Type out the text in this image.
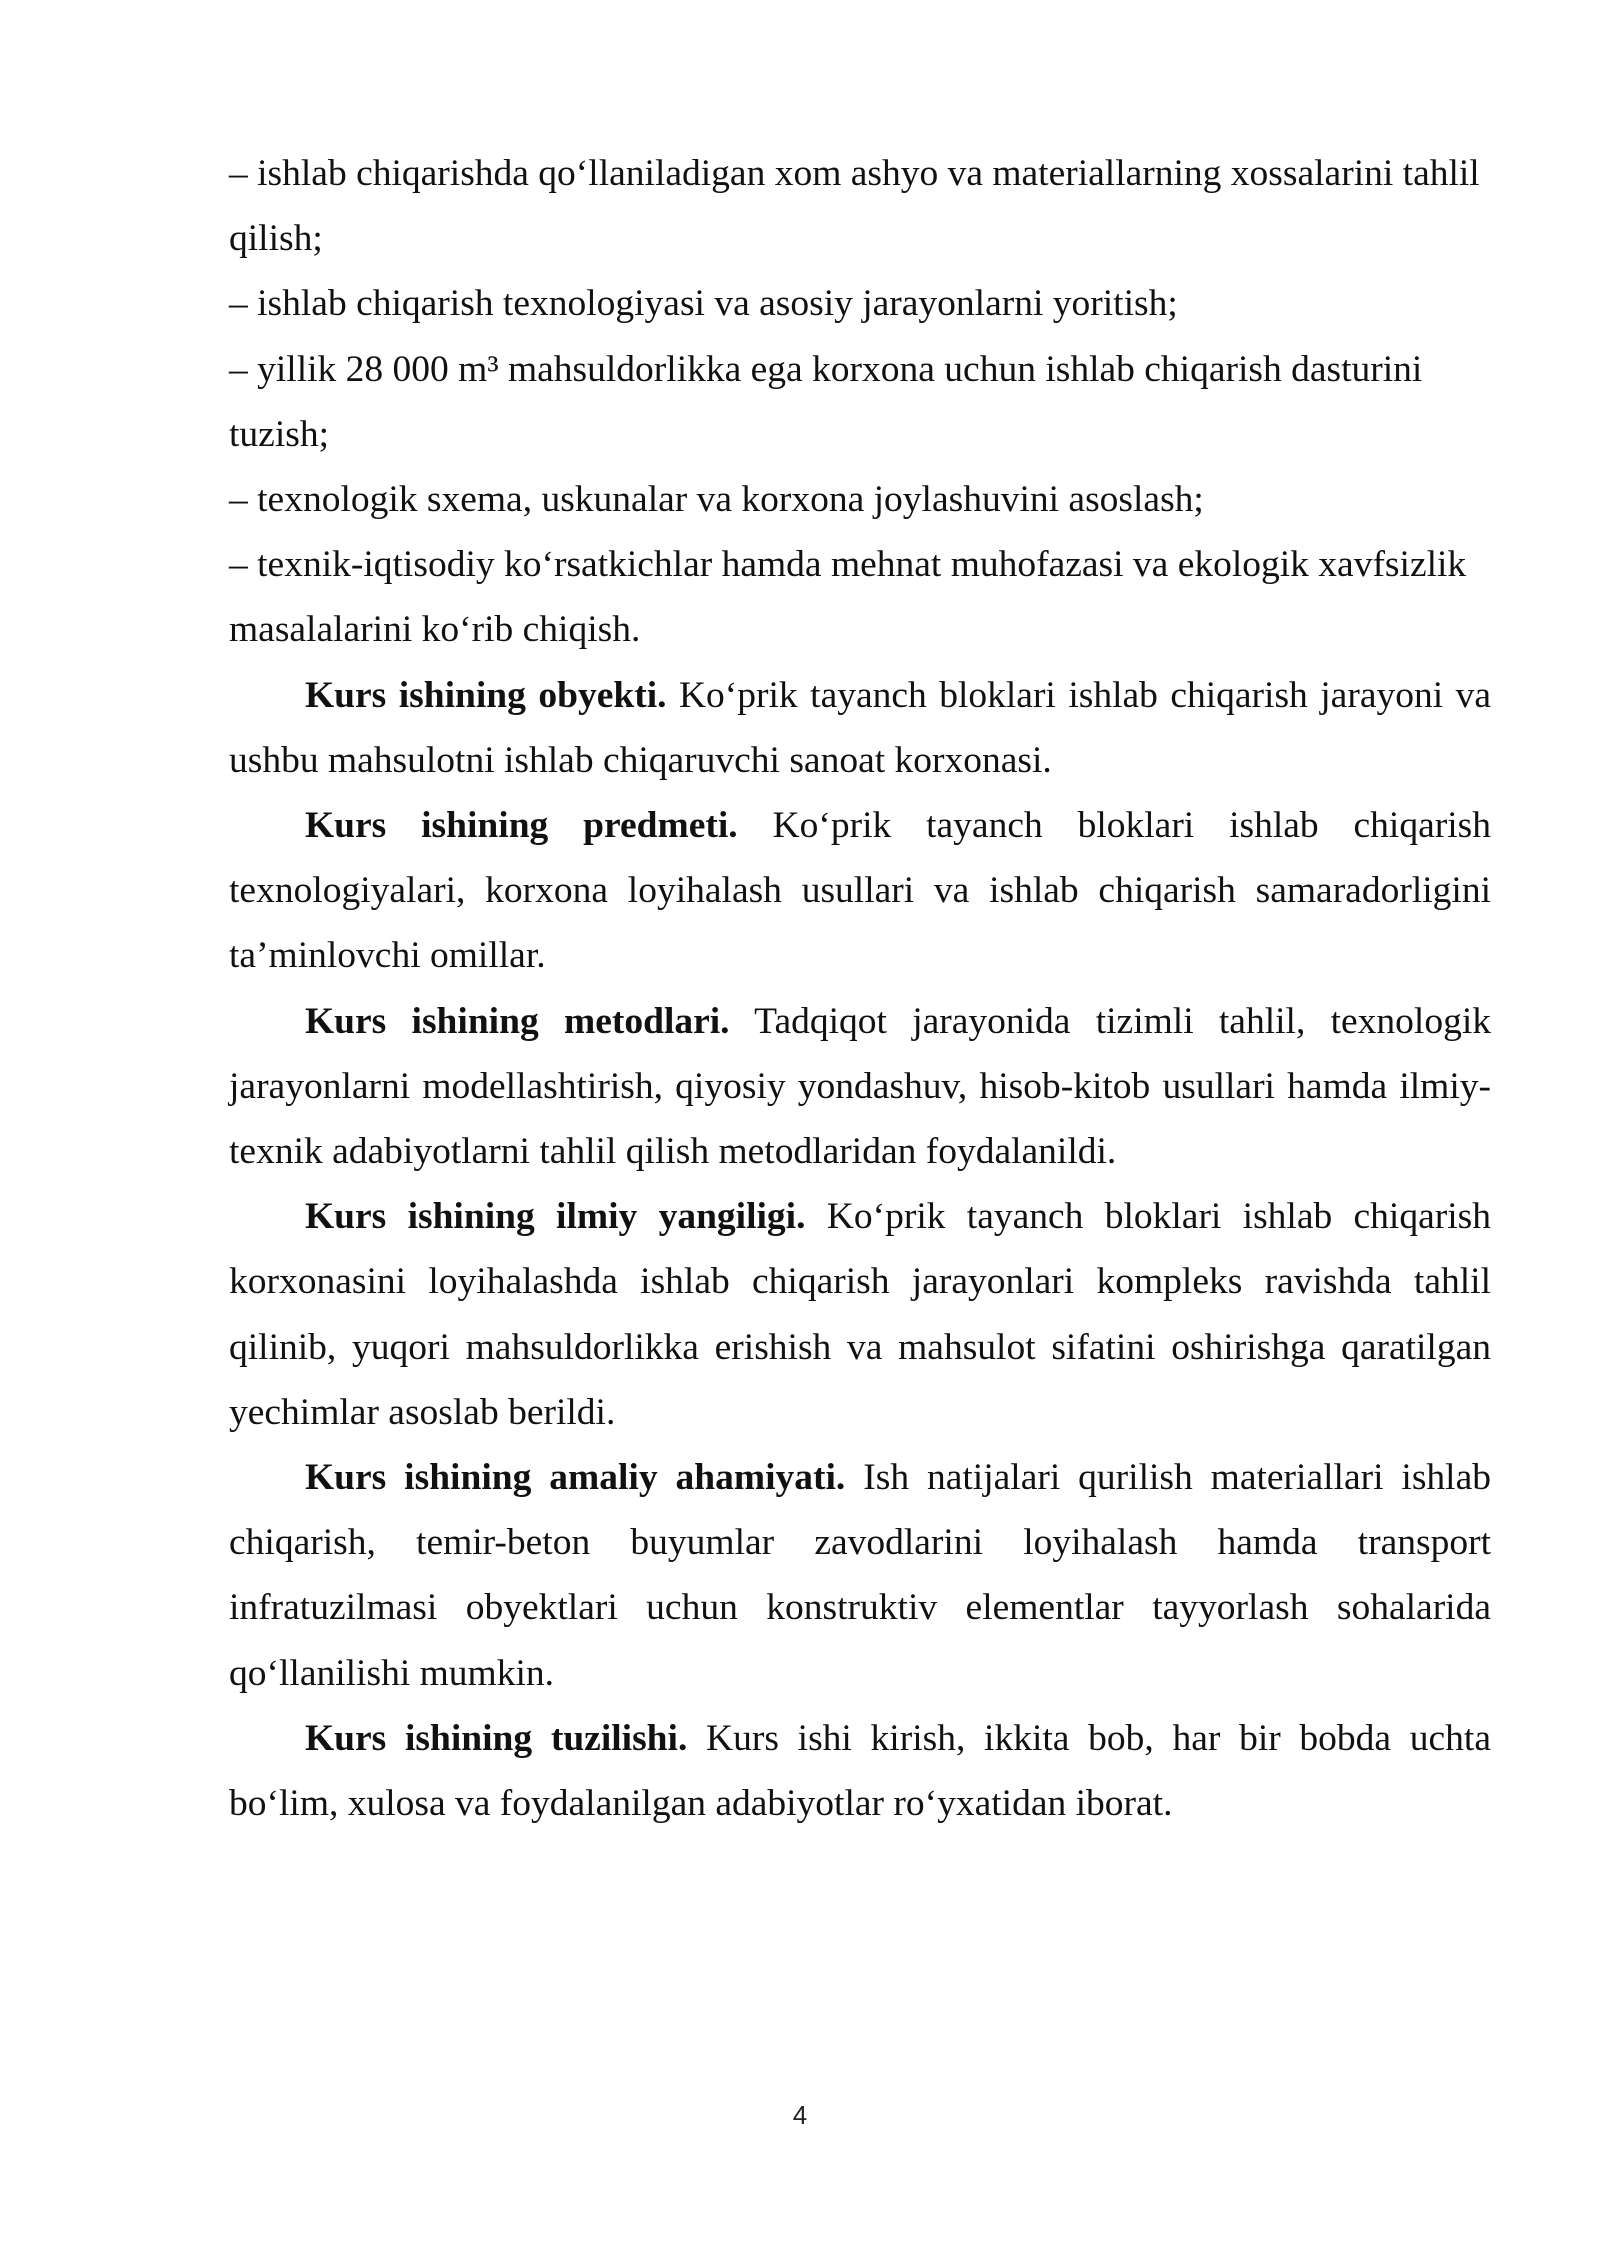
– ishlab chiqarishda qo‘llaniladigan xom ashyo va materiallarning xossalarini tahlil qilish;

– ishlab chiqarish texnologiyasi va asosiy jarayonlarni yoritish;

– yillik 28 000 m³ mahsuldorlikka ega korxona uchun ishlab chiqarish dasturini tuzish;

– texnologik sxema, uskunalar va korxona joylashuvini asoslash;

– texnik-iqtisodiy ko‘rsatkichlar hamda mehnat muhofazasi va ekologik xavfsizlik masalalarini ko‘rib chiqish.

Kurs ishining obyekti. Ko‘prik tayanch bloklari ishlab chiqarish jarayoni va ushbu mahsulotni ishlab chiqaruvchi sanoat korxonasi.

Kurs ishining predmeti. Ko‘prik tayanch bloklari ishlab chiqarish texnologiyalari, korxona loyihalash usullari va ishlab chiqarish samaradorligini ta’minlovchi omillar.

Kurs ishining metodlari. Tadqiqot jarayonida tizimli tahlil, texnologik jarayonlarni modellashtirish, qiyosiy yondashuv, hisob-kitob usullari hamda ilmiy-texnik adabiyotlarni tahlil qilish metodlaridan foydalanildi.

Kurs ishining ilmiy yangiligi. Ko‘prik tayanch bloklari ishlab chiqarish korxonasini loyihalashda ishlab chiqarish jarayonlari kompleks ravishda tahlil qilinib, yuqori mahsuldorlikka erishish va mahsulot sifatini oshirishga qaratilgan yechimlar asoslab berildi.

Kurs ishining amaliy ahamiyati. Ish natijalari qurilish materiallari ishlab chiqarish, temir-beton buyumlar zavodlarini loyihalash hamda transport infratuzilmasi obyektlari uchun konstruktiv elementlar tayyorlash sohalarida qo‘llanilishi mumkin.

Kurs ishining tuzilishi. Kurs ishi kirish, ikkita bob, har bir bobda uchta bo‘lim, xulosa va foydalanilgan adabiyotlar ro‘yxatidan iborat.

4
